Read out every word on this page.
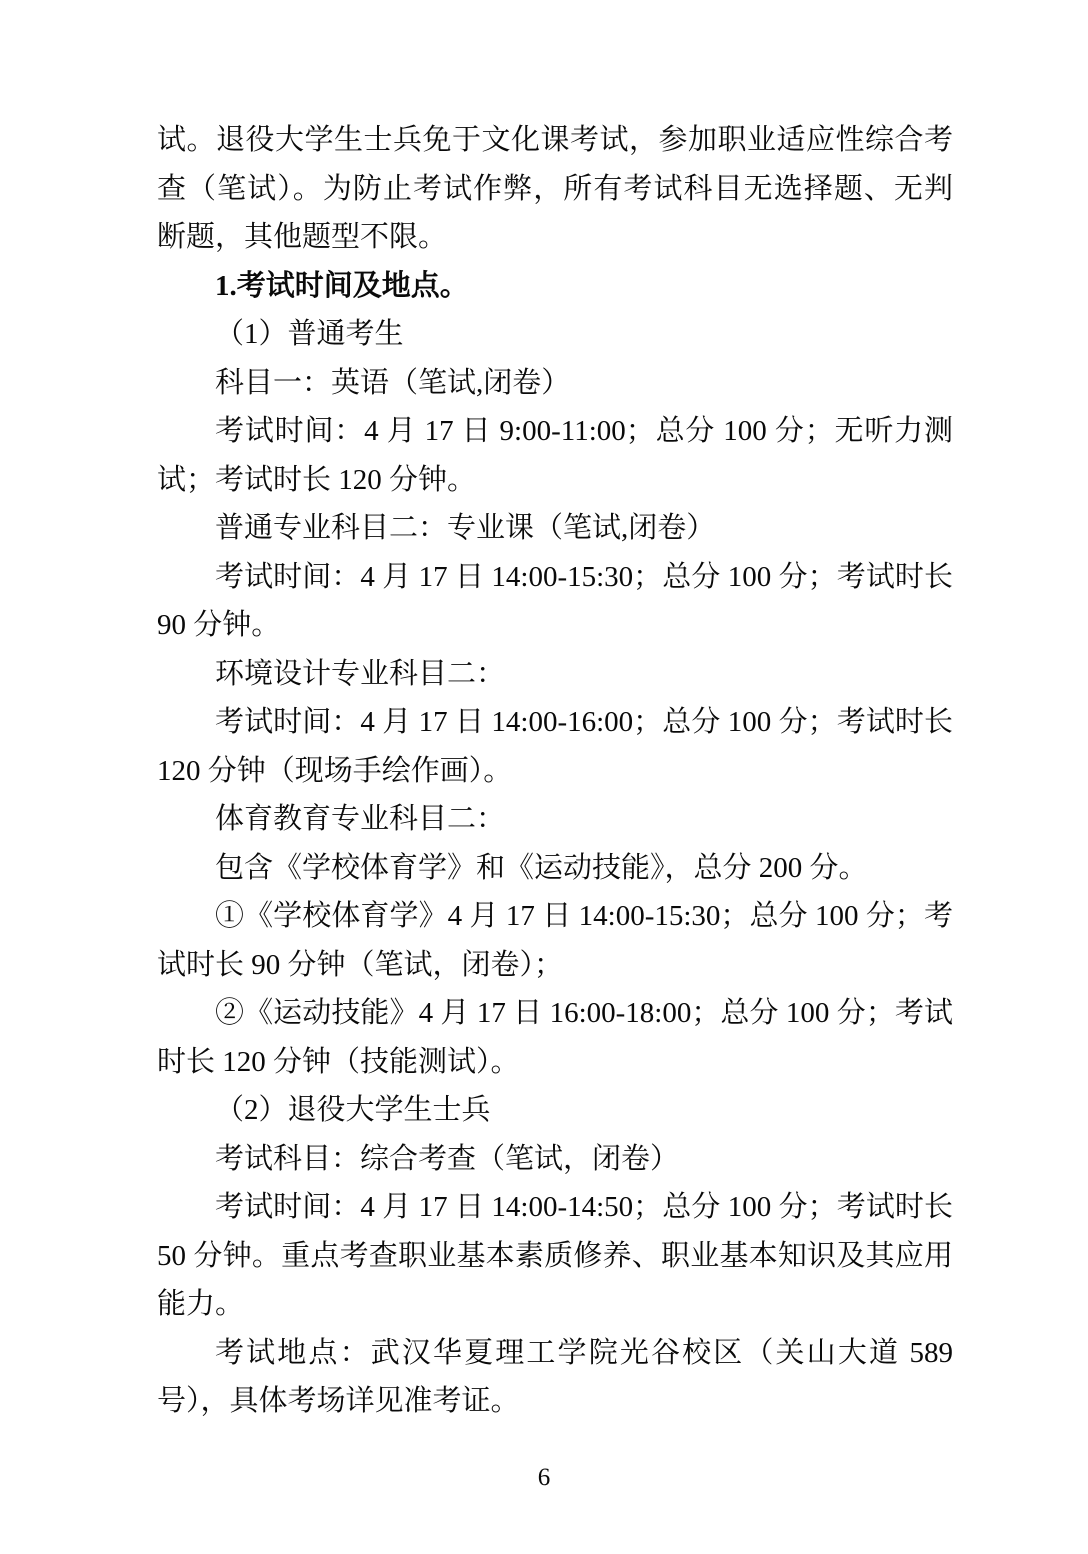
试。退役大学生士兵免于文化课考试，参加职业适应性综合考查（笔试）。为防止考试作弊，所有考试科目无选择题、无判断题，其他题型不限。

1.考试时间及地点。

（1）普通考生

科目一：英语（笔试,闭卷）

考试时间：4 月 17 日 9:00-11:00；总分 100 分；无听力测试；考试时长 120 分钟。

普通专业科目二：专业课（笔试,闭卷）

考试时间：4 月 17 日 14:00-15:30；总分 100 分；考试时长 90 分钟。

环境设计专业科目二：

考试时间：4 月 17 日 14:00-16:00；总分 100 分；考试时长 120 分钟（现场手绘作画）。

体育教育专业科目二：

包含《学校体育学》和《运动技能》，总分 200 分。

①《学校体育学》4 月 17 日 14:00-15:30；总分 100 分；考试时长 90 分钟（笔试，闭卷）；

②《运动技能》4 月 17 日 16:00-18:00；总分 100 分；考试时长 120 分钟（技能测试）。

（2）退役大学生士兵

考试科目：综合考查（笔试，闭卷）

考试时间：4 月 17 日 14:00-14:50；总分 100 分；考试时长 50 分钟。重点考查职业基本素质修养、职业基本知识及其应用能力。

考试地点：武汉华夏理工学院光谷校区（关山大道 589 号），具体考场详见准考证。

6
